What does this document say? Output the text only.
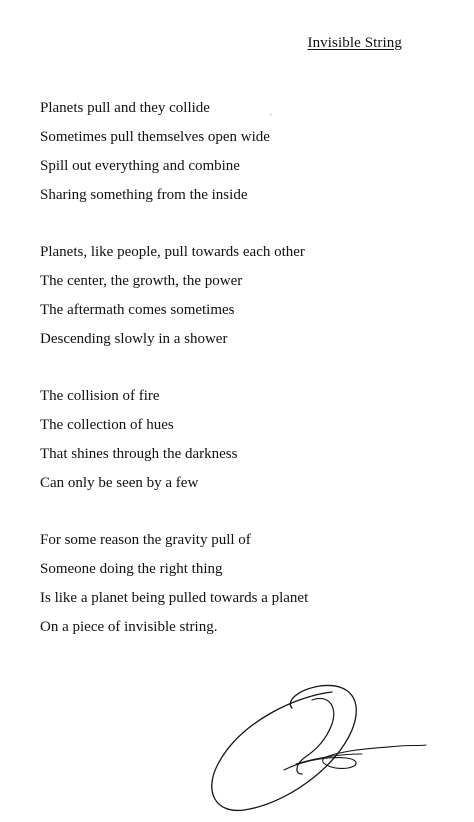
Invisible String
Planets pull and they collide
Sometimes pull themselves open wide
Spill out everything and combine
Sharing something from the inside
Planets, like people, pull towards each other
The center, the growth, the power
The aftermath comes sometimes
Descending slowly in a shower
The collision of fire
The collection of hues
That shines through the darkness
Can only be seen by a few
For some reason the gravity pull of
Someone doing the right thing
Is like a planet being pulled towards a planet
On a piece of invisible string.
